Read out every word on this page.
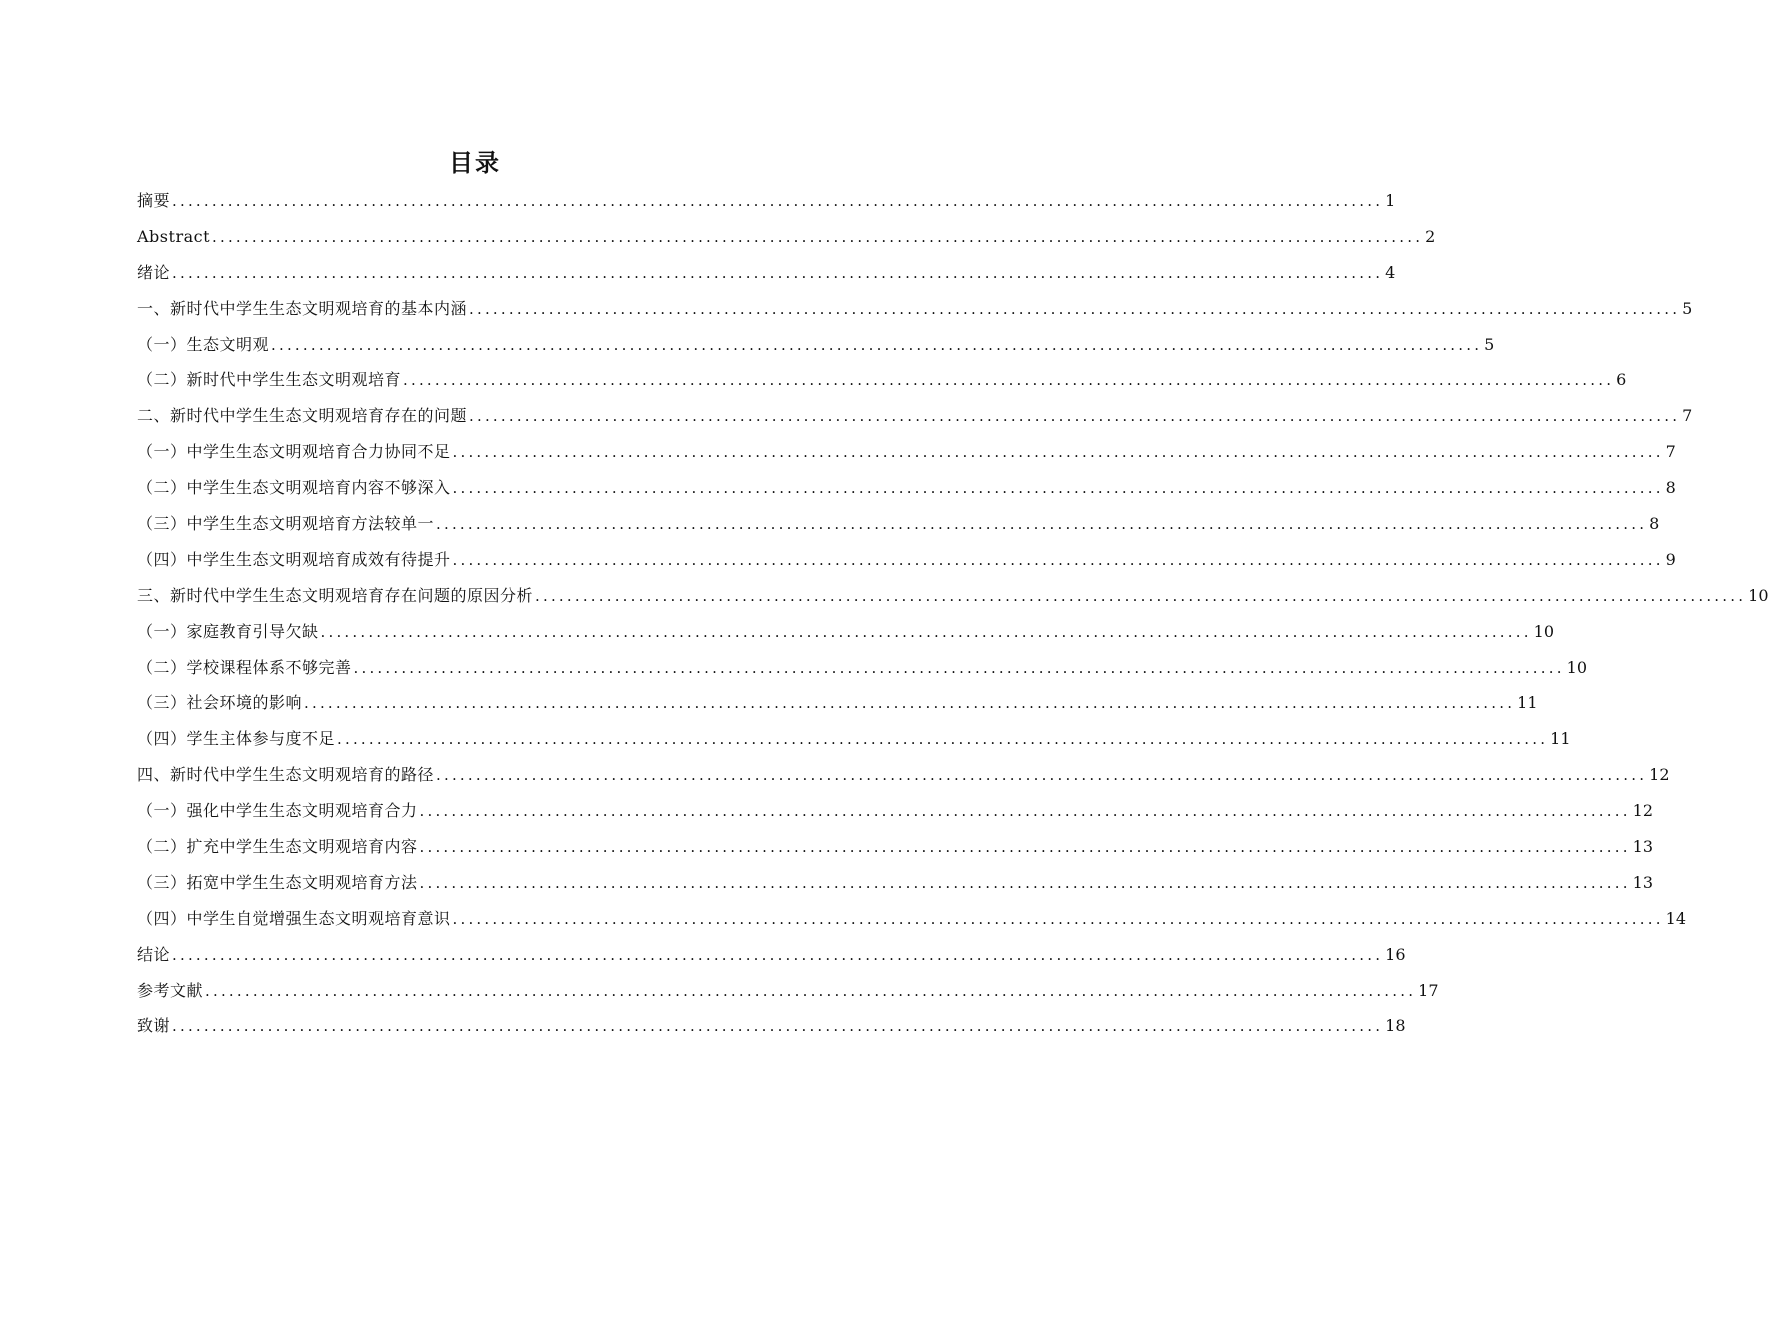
目录
摘要 ........................................................................................................................................................ 1
Abstract ........................................................................................................................................................ 2
绪论 ........................................................................................................................................................ 4
一、新时代中学生生态文明观培育的基本内涵 ........................................................................................................................................................ 5
（一）生态文明观 ........................................................................................................................................................ 5
（二）新时代中学生生态文明观培育 ........................................................................................................................................................ 6
二、新时代中学生生态文明观培育存在的问题 ........................................................................................................................................................ 7
（一）中学生生态文明观培育合力协同不足 ........................................................................................................................................................ 7
（二）中学生生态文明观培育内容不够深入 ........................................................................................................................................................ 8
（三）中学生生态文明观培育方法较单一 ........................................................................................................................................................ 8
（四）中学生生态文明观培育成效有待提升 ........................................................................................................................................................ 9
三、新时代中学生生态文明观培育存在问题的原因分析 ........................................................................................................................................................ 10
（一）家庭教育引导欠缺 ........................................................................................................................................................ 10
（二）学校课程体系不够完善 ........................................................................................................................................................ 10
（三）社会环境的影响 ........................................................................................................................................................ 11
（四）学生主体参与度不足 ........................................................................................................................................................ 11
四、新时代中学生生态文明观培育的路径 ........................................................................................................................................................ 12
（一）强化中学生生态文明观培育合力 ........................................................................................................................................................ 12
（二）扩充中学生生态文明观培育内容 ........................................................................................................................................................ 13
（三）拓宽中学生生态文明观培育方法 ........................................................................................................................................................ 13
（四）中学生自觉增强生态文明观培育意识 ........................................................................................................................................................ 14
结论 ........................................................................................................................................................ 16
参考文献 ........................................................................................................................................................ 17
致谢 ........................................................................................................................................................ 18
